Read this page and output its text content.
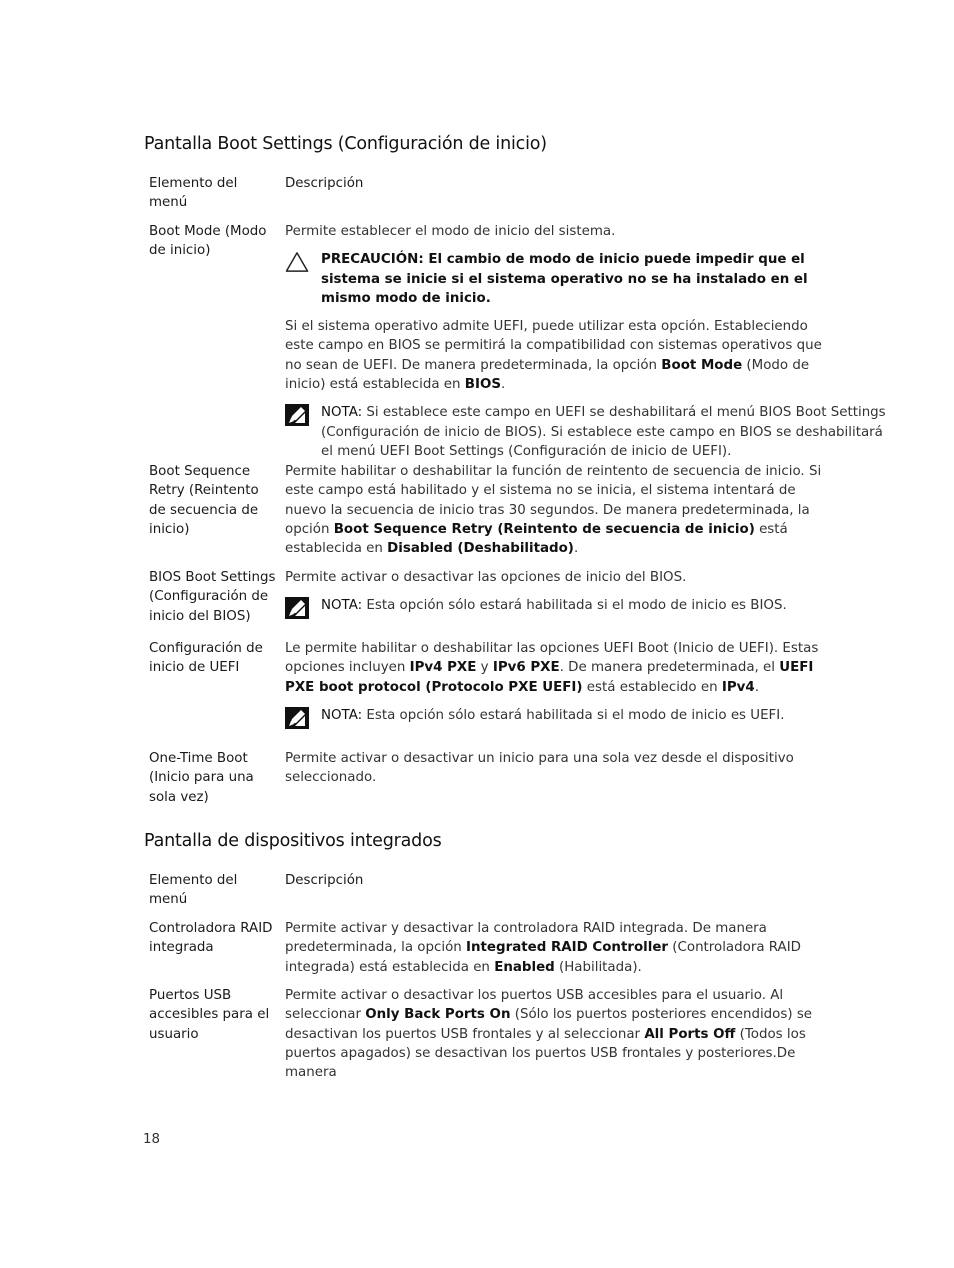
Pantalla Boot Settings (Configuración de inicio)
Elemento del menú
Descripción
Boot Mode (Modo de inicio)

Permite establecer el modo de inicio del sistema.

PRECAUCIÓN: El cambio de modo de inicio puede impedir que el sistema se inicie si el sistema operativo no se ha instalado en el mismo modo de inicio.

Si el sistema operativo admite UEFI, puede utilizar esta opción. Estableciendo este campo en BIOS se permitirá la compatibilidad con sistemas operativos que no sean de UEFI. De manera predeterminada, la opción Boot Mode (Modo de inicio) está establecida en BIOS.

NOTA: Si establece este campo en UEFI se deshabilitará el menú BIOS Boot Settings (Configuración de inicio de BIOS). Si establece este campo en BIOS se deshabilitará el menú UEFI Boot Settings (Configuración de inicio de UEFI).

Boot Sequence Retry (Reintento de secuencia de inicio)

Permite habilitar o deshabilitar la función de reintento de secuencia de inicio. Si este campo está habilitado y el sistema no se inicia, el sistema intentará de nuevo la secuencia de inicio tras 30 segundos. De manera predeterminada, la opción Boot Sequence Retry (Reintento de secuencia de inicio) está establecida en Disabled (Deshabilitado).

BIOS Boot Settings (Configuración de inicio del BIOS)

Permite activar o desactivar las opciones de inicio del BIOS.

NOTA: Esta opción sólo estará habilitada si el modo de inicio es BIOS.

Configuración de inicio de UEFI

Le permite habilitar o deshabilitar las opciones UEFI Boot (Inicio de UEFI). Estas opciones incluyen IPv4 PXE y IPv6 PXE. De manera predeterminada, el UEFI PXE boot protocol (Protocolo PXE UEFI) está establecido en IPv4.

NOTA: Esta opción sólo estará habilitada si el modo de inicio es UEFI.

One-Time Boot (Inicio para una sola vez)

Permite activar o desactivar un inicio para una sola vez desde el dispositivo seleccionado.

Pantalla de dispositivos integrados
Elemento del menú
Descripción
Controladora RAID integrada

Permite activar y desactivar la controladora RAID integrada. De manera predeterminada, la opción Integrated RAID Controller (Controladora RAID integrada) está establecida en Enabled (Habilitada).

Puertos USB accesibles para el usuario

Permite activar o desactivar los puertos USB accesibles para el usuario. Al seleccionar Only Back Ports On (Sólo los puertos posteriores encendidos) se desactivan los puertos USB frontales y al seleccionar All Ports Off (Todos los puertos apagados) se desactivan los puertos USB frontales y posteriores.De manera

18
